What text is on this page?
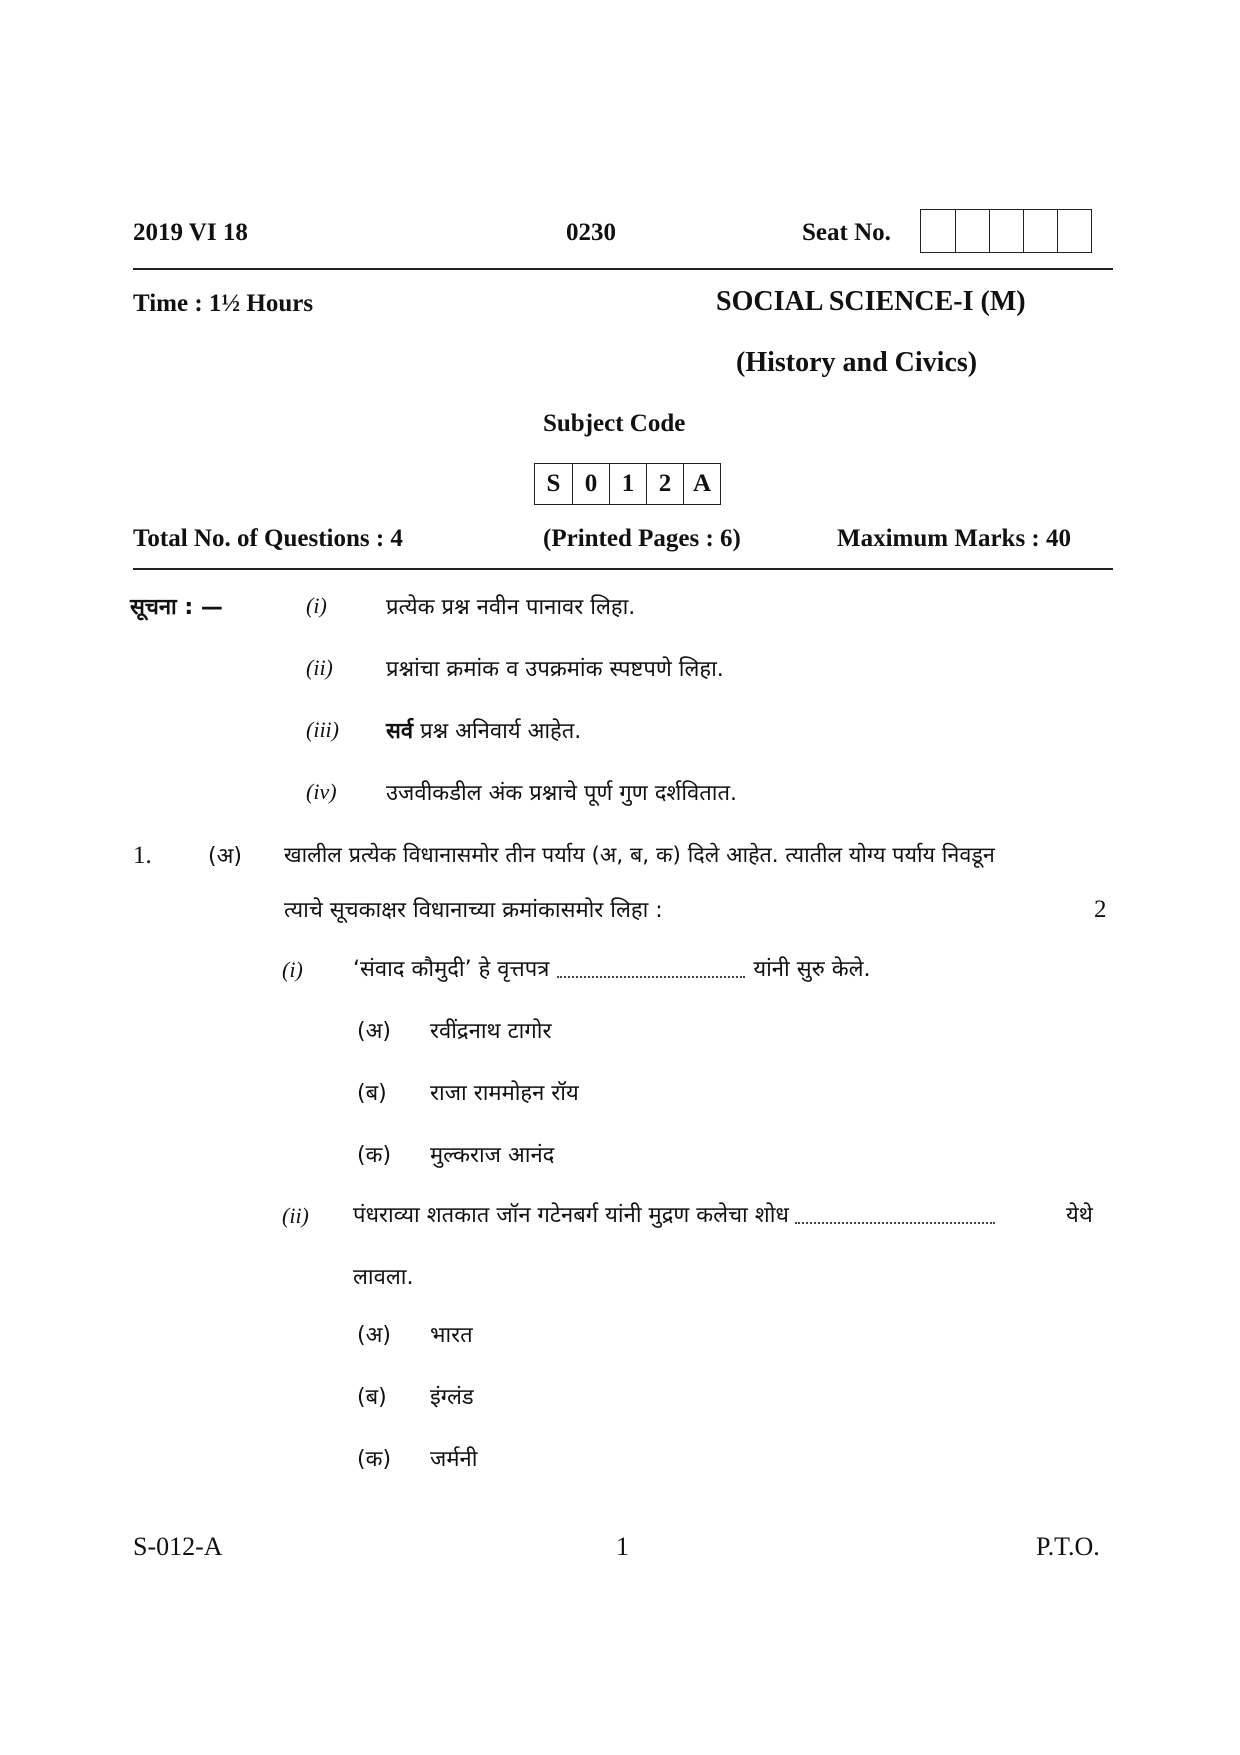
2019 VI 18	0230	Seat No.
Time : 1½ Hours	SOCIAL SCIENCE-I (M)
(History and Civics)
Subject Code
S 0 1 2 A
Total No. of Questions : 4	(Printed Pages : 6)	Maximum Marks : 40
सूचना : —	(i)	प्रत्येक प्रश्न नवीन पानावर लिहा.
(ii) प्रश्नांचा क्रमांक व उपक्रमांक स्पष्टपणे लिहा.
(iii) सर्व प्रश्न अनिवार्य आहेत.
(iv) उजवीकडील अंक प्रश्नाचे पूर्ण गुण दर्शवितात.
1.	(अ) खालील प्रत्येक विधानासमोर तीन पर्याय (अ, ब, क) दिले आहेत. त्यातील योग्य पर्याय निवडून
त्याचे सूचकाक्षर विधानाच्या क्रमांकासमोर लिहा :	2
(i) ‘संवाद कौमुदी’ हे वृत्तपत्र	यांनी सुरु केले.
(अ) रवींद्रनाथ टागोर
(ब) राजा राममोहन रॉय
(क) मुल्कराज आनंद
(ii) पंधराव्या शतकात जॉन गटेनबर्ग यांनी मुद्रण कलेचा शोध	येथे
लावला.
(अ) भारत
(ब) इंग्लंड
(क) जर्मनी
S-012-A	1	P.T.O.
